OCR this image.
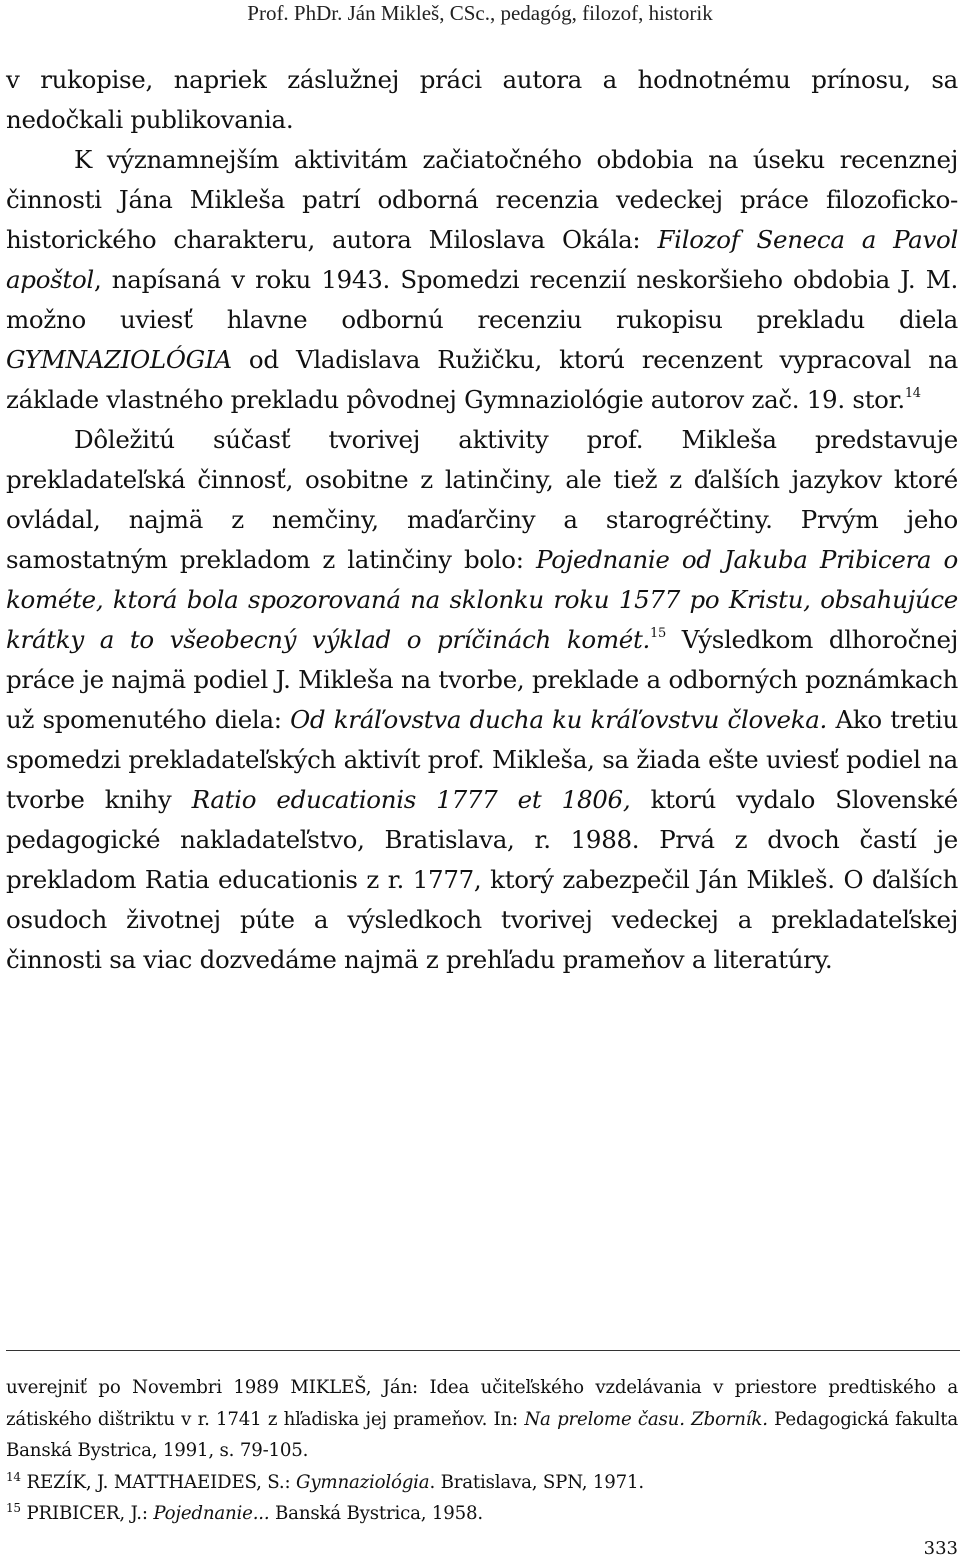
Prof. PhDr. Ján Mikleš, CSc., pedagóg, filozof, historik

v rukopise, napriek záslužnej práci autora a hodnotnému prínosu, sa nedočkali publikovania.

K významnejším aktivitám začiatočného obdobia na úseku recenznej činnosti Jána Mikleša patrí odborná recenzia vedeckej práce filozoficko-historického charakteru, autora Miloslava Okála: Filozof Seneca a Pavol apoštol, napísaná v roku 1943. Spomedzi recenzií neskoršieho obdobia J. M. možno uviesť hlavne odbornú recenziu rukopisu prekladu diela GYMNAZIOLÓGIA od Vladislava Ružičku, ktorú recenzent vypracoval na základe vlastného prekladu pôvodnej Gymnaziológie autorov zač. 19. stor.$^{14}$

Dôležitú súčasť tvorivej aktivity prof. Mikleša predstavuje prekladateľská činnosť, osobitne z latinčiny, ale tiež z ďalších jazykov ktoré ovládal, najmä z nemčiny, maďarčiny a starogréčtiny. Prvým jeho samostatným prekladom z latinčiny bolo: Pojednanie od Jakuba Pribicera o kométe, ktorá bola spozorovaná na sklonku roku 1577 po Kristu, obsahujúce krátky a to všeobecný výklad o príčinách komét.$^{15}$ Výsledkom dlhoročnej práce je najmä podiel J. Mikleša na tvorbe, preklade a odborných poznámkach už spomenutého diela: Od kráľovstva ducha ku kráľovstvu človeka. Ako tretiu spomedzi prekladateľských aktivít prof. Mikleša, sa žiada ešte uviesť podiel na tvorbe knihy Ratio educationis 1777 et 1806, ktorú vydalo Slovenské pedagogické nakladateľstvo, Bratislava, r. 1988. Prvá z dvoch častí je prekladom Ratia educationis z r. 1777, ktorý zabezpečil Ján Mikleš. O ďalších osudoch životnej púte a výsledkoch tvorivej vedeckej a prekladateľskej činnosti sa viac dozvedáme najmä z prehľadu prameňov a literatúry.

uverejniť po Novembri 1989 MIKLEŠ, Ján: Idea učiteľského vzdelávania v priestore predtiského a zátiského dištriktu v r. 1741 z hľadiska jej prameňov. In: Na prelome času. Zborník. Pedagogická fakulta Banská Bystrica, 1991, s. 79-105.

$^{14}$ REZÍK, J. MATTHAEIDES, S.: Gymnaziológia. Bratislava, SPN, 1971.

$^{15}$ PRIBICER, J.: Pojednanie... Banská Bystrica, 1958.

333
